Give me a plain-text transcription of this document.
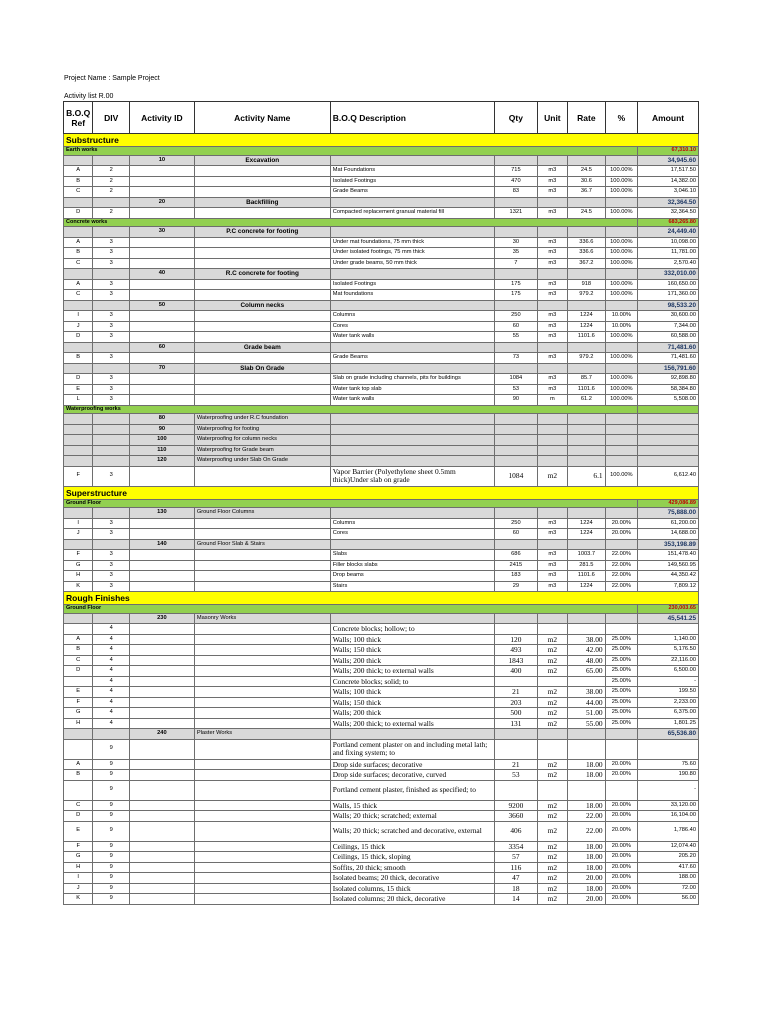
Project Name : Sample Project
Activity list R.00
B.O.Q Ref	DIV	Activity ID	Activity Name	B.O.Q Description	Qty	Unit	Rate	%	Amount
Substructure									
Earth works									67,310.10
		10	Excavation						34,945.60
A	2			Mat Foundations	715	m3	24.5	100.00%	17,517.50
B	2			Isolated Footings	470	m3	30.6	100.00%	14,382.00
C	2			Grade Beams	83	m3	36.7	100.00%	3,046.10
		20	Backfilling						32,364.50
D	2			Compacted replacement granual material fill	1321	m3	24.5	100.00%	32,364.50
Concrete works									683,265.80
		30	P.C concrete for footing						24,449.40
A	3			Under mat foundations, 75 mm thick	30	m3	336.6	100.00%	10,098.00
B	3			Under isolated footings, 75 mm thick	35	m3	336.6	100.00%	11,781.00
C	3			Under grade beams, 50 mm thick	7	m3	367.2	100.00%	2,570.40
		40	R.C concrete for footing						332,010.00
A	3			Isolated Footings	175	m3	918	100.00%	160,650.00
C	3			Mat foundations	175	m3	979.2	100.00%	171,360.00
		50	Column necks						98,533.20
I	3			Columns	250	m3	1224	10.00%	30,600.00
J	3			Cores	60	m3	1224	10.00%	7,344.00
D	3			Water tank walls	55	m3	1101.6	100.00%	60,588.00
		60	Grade beam						71,481.60
B	3			Grade Beams	73	m3	979.2	100.00%	71,481.60
		70	Slab On Grade						156,791.60
D	3			Slab on grade including channels, pits for buildings	1084	m3	85.7	100.00%	92,898.80
E	3			Water tank top slab	53	m3	1101.6	100.00%	58,384.80
L	3			Water tank walls	90	m	61.2	100.00%	5,508.00
Waterproofing works									
		80	Waterproofing under R.C foundation						
		90	Waterproofing for footing						
		100	Waterproofing for column necks						
		110	Waterproofing for Grade beam						
		120	Waterproofing under Slab On Grade						
F	3			Vapor Barrier (Polyethylene sheet 0.5mm thick)Under slab on grade	1084	m2	6.1	100.00%	6,612.40
Superstructure									
Ground Floor									429,086.89
		130	Ground Floor Columns						75,888.00
I	3			Columns	250	m3	1224	20.00%	61,200.00
J	3			Cores	60	m3	1224	20.00%	14,688.00
		140	Ground Floor Slab & Stairs						353,198.89
F	3			Slabs	686	m3	1003.7	22.00%	151,478.40
G	3			Filler blocks slabs	2415	m3	281.5	22.00%	149,560.95
H	3			Drop beams	183	m3	1101.6	22.00%	44,350.42
K	3			Stairs	29	m3	1224	22.00%	7,809.12
Rough Finishes									
Ground Floor									230,003.65
		230	Masonry Works						45,541.25
	4			Concrete blocks; hollow; to					
A	4			Walls; 100 thick	120	m2	38.00	25.00%	1,140.00
B	4			Walls; 150 thick	493	m2	42.00	25.00%	5,176.50
C	4			Walls; 200 thick	1843	m2	48.00	25.00%	22,116.00
D	4			Walls; 200 thick; to external walls	400	m2	65.00	25.00%	6,500.00
	4			Concrete blocks; solid; to				25.00%	-
E	4			Walls; 100 thick	21	m2	38.00	25.00%	199.50
F	4			Walls; 150 thick	203	m2	44.00	25.00%	2,233.00
G	4			Walls; 200 thick	500	m2	51.00	25.00%	6,375.00
H	4			Walls; 200 thick; to external walls	131	m2	55.00	25.00%	1,801.25
		240	Plaster Works						65,536.80
	9			Portland cement plaster on and including metal lath; and fixing system; to					
A	9			Drop side surfaces; decorative	21	m2	18.00	20.00%	75.60
B	9			Drop side surfaces; decorative, curved	53	m2	18.00	20.00%	190.80
	9			Portland cement plaster, finished as specified; to					-
C	9			Walls, 15 thick	9200	m2	18.00	20.00%	33,120.00
D	9			Walls; 20 thick; scratched; external	3660	m2	22.00	20.00%	16,104.00
E	9			Walls; 20 thick; scratched and decorative, external	406	m2	22.00	20.00%	1,786.40
F	9			Ceilings, 15 thick	3354	m2	18.00	20.00%	12,074.40
G	9			Ceilings, 15 thick, sloping	57	m2	18.00	20.00%	205.20
H	9			Soffits, 20 thick; smooth	116	m2	18.00	20.00%	417.60
I	9			Isolated beams; 20 thick, decorative	47	m2	20.00	20.00%	188.00
J	9			Isolated columns, 15 thick	18	m2	18.00	20.00%	72.00
K	9			Isolated columns; 20 thick, decorative	14	m2	20.00	20.00%	56.00
